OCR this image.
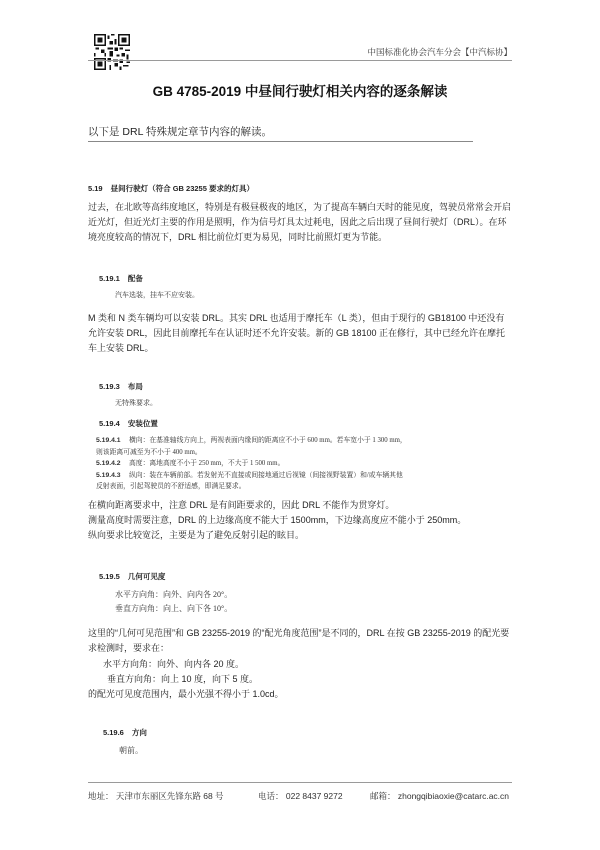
中国标准化协会汽车分会【中汽标协】
GB 4785-2019 中昼间行驶灯相关内容的逐条解读
以下是 DRL 特殊规定章节内容的解读。
5.19 昼间行驶灯（符合 GB 23255 要求的灯具）
过去，在北欧等高纬度地区，特别是有极昼极夜的地区，为了提高车辆白天时的能见度，驾驶员常常会开启近光灯，但近光灯主要的作用是照明，作为信号灯具太过耗电，因此之后出现了昼间行驶灯（DRL）。在环境亮度较高的情况下，DRL 相比前位灯更为易见，同时比前照灯更为节能。
5.19.1 配备
汽车选装，挂车不应安装。
M 类和 N 类车辆均可以安装 DRL。其实 DRL 也适用于摩托车（L 类），但由于现行的 GB18100 中还没有允许安装 DRL，因此目前摩托车在认证时还不允许安装。新的 GB 18100 正在修行，其中已经允许在摩托车上安装 DRL。
5.19.3 布局
无特殊要求。
5.19.4 安装位置
5.19.4.1 横向：在基准轴线方向上，两视表面内缘间的距离应不小于 600 mm。若车宽小于 1 300 mm，
则该距离可减至为不小于 400 mm。
5.19.4.2 高度：离地高度不小于 250 mm，不大于 1 500 mm。
5.19.4.3 纵向：装在车辆前部。若发射光不直接或间接地通过后视镜（间接视野装置）和/或车辆其他
反射表面，引起驾驶员的不舒适感，即满足要求。
在横向距离要求中，注意 DRL 是有间距要求的，因此 DRL 不能作为贯穿灯。
测量高度时需要注意，DRL 的上边缘高度不能大于 1500mm，下边缘高度应不能小于 250mm。
纵向要求比较宽泛，主要是为了避免反射引起的眩目。
5.19.5 几何可见度
水平方向角：向外、向内各 20°。
垂直方向角：向上、向下各 10°。
这里的“几何可见范围”和 GB 23255-2019 的“配光角度范围”是不同的，DRL 在按 GB 23255-2019 的配光要求检测时，要求在：
水平方向角：向外、向内各 20 度。
垂直方向角：向上 10 度，向下 5 度。
的配光可见度范围内，最小光强不得小于 1.0cd。
5.19.6 方向
朝前。
地址： 天津市东丽区先锋东路 68 号	电话： 022 8437 9272	邮箱： zhongqibiaoxie@catarc.ac.cn
